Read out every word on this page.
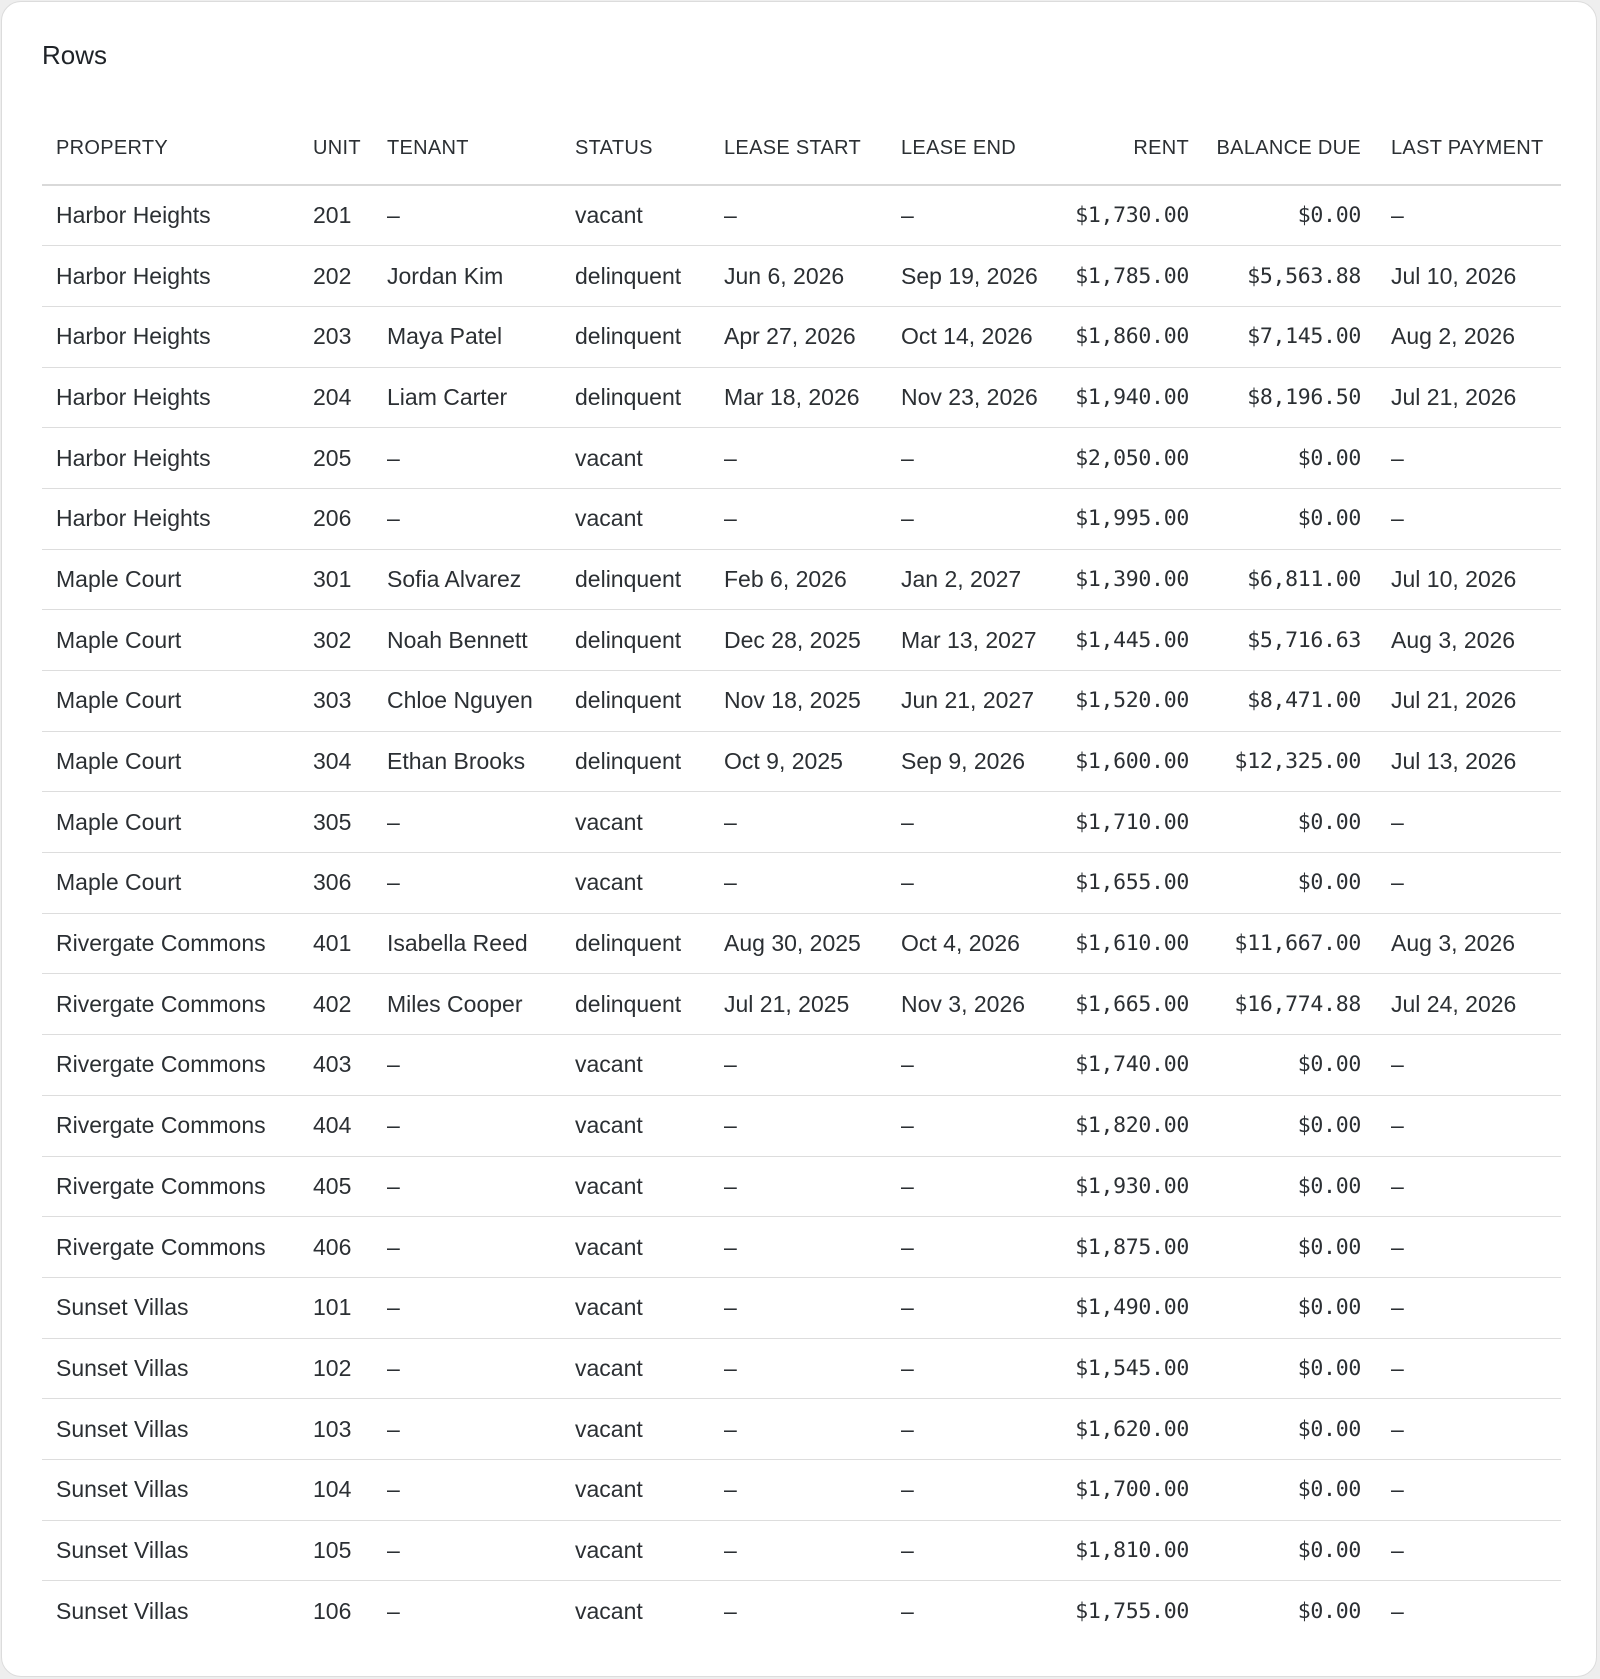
Rows
PROPERTY	UNIT	TENANT	STATUS	LEASE START	LEASE END	RENT	BALANCE DUE	LAST PAYMENT
Harbor Heights	201	–	vacant	–	–	$1,730.00	$0.00	–
Harbor Heights	202	Jordan Kim	delinquent	Jun 6, 2026	Sep 19, 2026	$1,785.00	$5,563.88	Jul 10, 2026
Harbor Heights	203	Maya Patel	delinquent	Apr 27, 2026	Oct 14, 2026	$1,860.00	$7,145.00	Aug 2, 2026
Harbor Heights	204	Liam Carter	delinquent	Mar 18, 2026	Nov 23, 2026	$1,940.00	$8,196.50	Jul 21, 2026
Harbor Heights	205	–	vacant	–	–	$2,050.00	$0.00	–
Harbor Heights	206	–	vacant	–	–	$1,995.00	$0.00	–
Maple Court	301	Sofia Alvarez	delinquent	Feb 6, 2026	Jan 2, 2027	$1,390.00	$6,811.00	Jul 10, 2026
Maple Court	302	Noah Bennett	delinquent	Dec 28, 2025	Mar 13, 2027	$1,445.00	$5,716.63	Aug 3, 2026
Maple Court	303	Chloe Nguyen	delinquent	Nov 18, 2025	Jun 21, 2027	$1,520.00	$8,471.00	Jul 21, 2026
Maple Court	304	Ethan Brooks	delinquent	Oct 9, 2025	Sep 9, 2026	$1,600.00	$12,325.00	Jul 13, 2026
Maple Court	305	–	vacant	–	–	$1,710.00	$0.00	–
Maple Court	306	–	vacant	–	–	$1,655.00	$0.00	–
Rivergate Commons	401	Isabella Reed	delinquent	Aug 30, 2025	Oct 4, 2026	$1,610.00	$11,667.00	Aug 3, 2026
Rivergate Commons	402	Miles Cooper	delinquent	Jul 21, 2025	Nov 3, 2026	$1,665.00	$16,774.88	Jul 24, 2026
Rivergate Commons	403	–	vacant	–	–	$1,740.00	$0.00	–
Rivergate Commons	404	–	vacant	–	–	$1,820.00	$0.00	–
Rivergate Commons	405	–	vacant	–	–	$1,930.00	$0.00	–
Rivergate Commons	406	–	vacant	–	–	$1,875.00	$0.00	–
Sunset Villas	101	–	vacant	–	–	$1,490.00	$0.00	–
Sunset Villas	102	–	vacant	–	–	$1,545.00	$0.00	–
Sunset Villas	103	–	vacant	–	–	$1,620.00	$0.00	–
Sunset Villas	104	–	vacant	–	–	$1,700.00	$0.00	–
Sunset Villas	105	–	vacant	–	–	$1,810.00	$0.00	–
Sunset Villas	106	–	vacant	–	–	$1,755.00	$0.00	–
